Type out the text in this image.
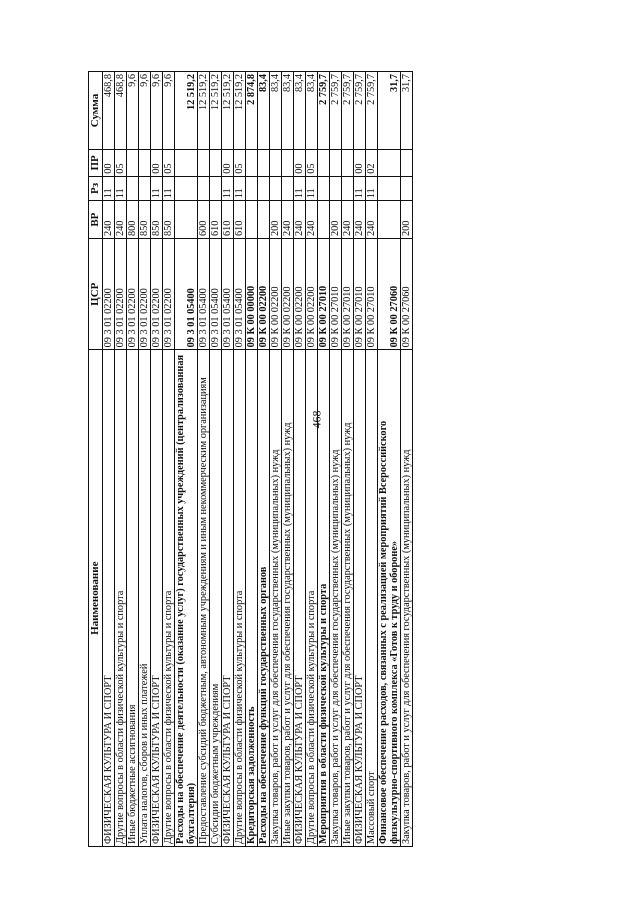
468
Наименование	ЦСР	ВР	Рз	ПР	Сумма
ФИЗИЧЕСКАЯ КУЛЬТУРА И СПОРТ	09 3 01 02200	240	11	00	468,8
Другие вопросы в области физической культуры и спорта	09 3 01 02200	240	11	05	468,8
Иные бюджетные ассигнования	09 3 01 02200	800			9,6
Уплата налогов, сборов и иных платежей	09 3 01 02200	850			9,6
ФИЗИЧЕСКАЯ КУЛЬТУРА И СПОРТ	09 3 01 02200	850	11	00	9,6
Другие вопросы в области физической культуры и спорта	09 3 01 02200	850	11	05	9,6
Расходы на обеспечение деятельности (оказание услуг) государственных учреждений (централизованная бухгалтерия)	09 3 01 05400				12 519,2
Предоставление субсидий бюджетным, автономным учреждениям и иным некоммерческим организациям	09 3 01 05400	600			12 519,2
Субсидии бюджетным учреждениям	09 3 01 05400	610			12 519,2
ФИЗИЧЕСКАЯ КУЛЬТУРА И СПОРТ	09 3 01 05400	610	11	00	12 519,2
Другие вопросы в области физической культуры и спорта	09 3 01 05400	610	11	05	12 519,2
Кредиторская задолженность	09 К 00 00000				2 874,8
Расходы на обеспечение функций государственных органов	09 К 00 02200				83,4
Закупка товаров, работ и услуг для обеспечения государственных (муниципальных) нужд	09 К 00 02200	200			83,4
Иные закупки товаров, работ и услуг для обеспечения государственных (муниципальных) нужд	09 К 00 02200	240			83,4
ФИЗИЧЕСКАЯ КУЛЬТУРА И СПОРТ	09 К 00 02200	240	11	00	83,4
Другие вопросы в области физической культуры и спорта	09 К 00 02200	240	11	05	83,4
Мероприятия в области физической культуры и спорта	09 К 00 27010				2 759,7
Закупка товаров, работ и услуг для обеспечения государственных (муниципальных) нужд	09 К 00 27010	200			2 759,7
Иные закупки товаров, работ и услуг для обеспечения государственных (муниципальных) нужд	09 К 00 27010	240			2 759,7
ФИЗИЧЕСКАЯ КУЛЬТУРА И СПОРТ	09 К 00 27010	240	11	00	2 759,7
Массовый спорт	09 К 00 27010	240	11	02	2 759,7
Финансовое обеспечение расходов, связанных с реализацией мероприятий Всероссийского физкультурно-спортивного комплекса «Готов к труду и обороне»	09 К 00 27060				31,7
Закупка товаров, работ и услуг для обеспечения государственных (муниципальных) нужд	09 К 00 27060	200			31,7
